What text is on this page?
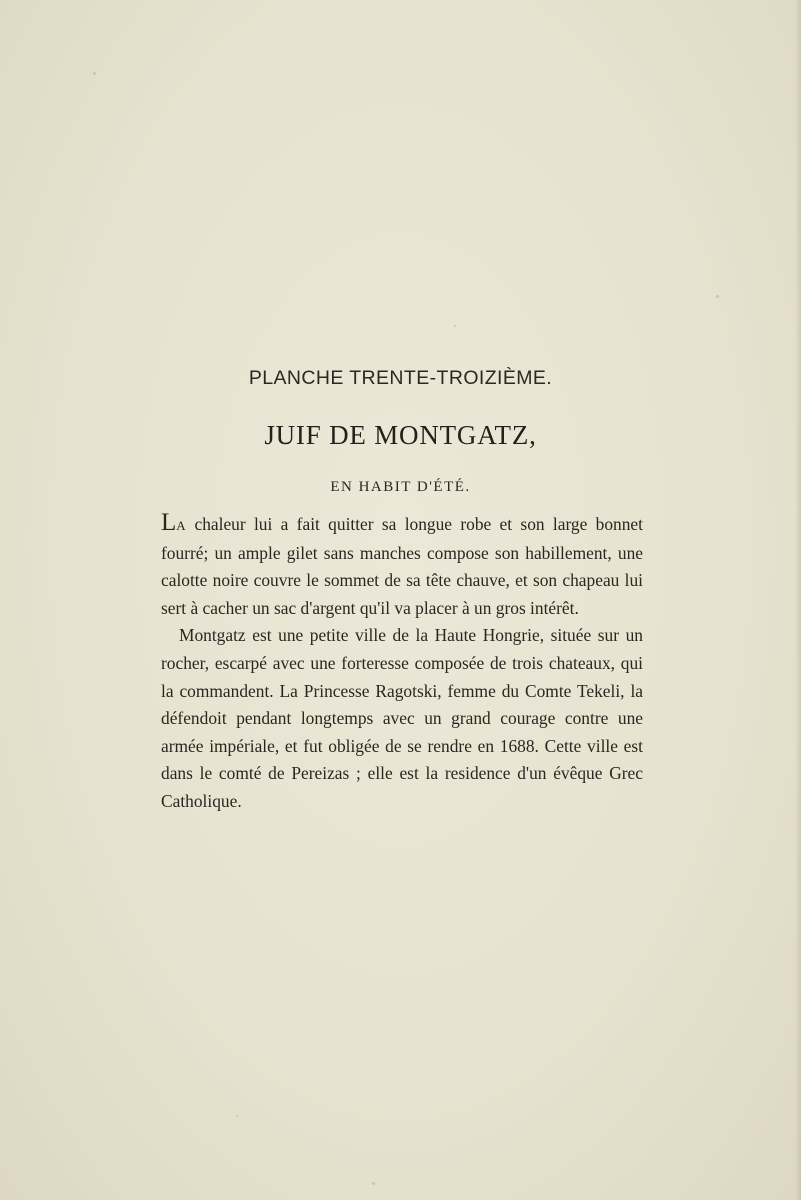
PLANCHE TRENTE-TROIZIÈME.
JUIF DE MONTGATZ,
EN HABIT D'ÉTÉ.

LA chaleur lui a fait quitter sa longue robe et son large bonnet fourré; un ample gilet sans manches compose son habillement, une calotte noire couvre le sommet de sa tête chauve, et son chapeau lui sert à cacher un sac d'argent qu'il va placer à un gros intérêt.

Montgatz est une petite ville de la Haute Hongrie, située sur un rocher, escarpé avec une forteresse composée de trois chateaux, qui la commandent. La Princesse Ragotski, femme du Comte Tekeli, la défendoit pendant longtemps avec un grand courage contre une armée impériale, et fut obligée de se rendre en 1688. Cette ville est dans le comté de Pereizas ; elle est la residence d'un évêque Grec Catholique.
